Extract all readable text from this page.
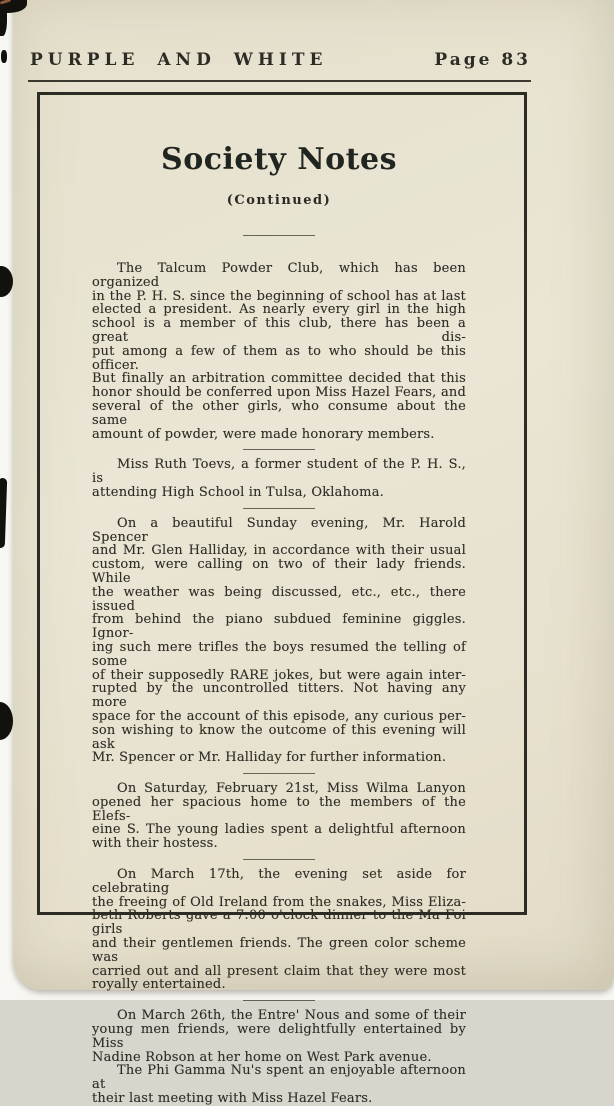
PURPLE AND WHITE	Page 83
Society Notes
(Continued)
The Talcum Powder Club, which has been organized
in the P. H. S. since the beginning of school has at last
elected a president. As nearly every girl in the high
school is a member of this club, there has been a great dis-
put among a few of them as to who should be this officer.
But finally an arbitration committee decided that this
honor should be conferred upon Miss Hazel Fears, and
several of the other girls, who consume about the same
amount of powder, were made honorary members.
Miss Ruth Toevs, a former student of the P. H. S., is
attending High School in Tulsa, Oklahoma.
On a beautiful Sunday evening, Mr. Harold Spencer
and Mr. Glen Halliday, in accordance with their usual
custom, were calling on two of their lady friends. While
the weather was being discussed, etc., etc., there issued
from behind the piano subdued feminine giggles. Ignor-
ing such mere trifles the boys resumed the telling of some
of their supposedly RARE jokes, but were again inter-
rupted by the uncontrolled titters. Not having any more
space for the account of this episode, any curious per-
son wishing to know the outcome of this evening will ask
Mr. Spencer or Mr. Halliday for further information.
On Saturday, February 21st, Miss Wilma Lanyon
opened her spacious home to the members of the Elefs-
eine S. The young ladies spent a delightful afternoon
with their hostess.
On March 17th, the evening set aside for celebrating
the freeing of Old Ireland from the snakes, Miss Eliza-
beth Roberts gave a 7:00 o'clock dinner to the Ma Foi girls
and their gentlemen friends. The green color scheme was
carried out and all present claim that they were most
royally entertained.
On March 26th, the Entre' Nous and some of their
young men friends, were delightfully entertained by Miss
Nadine Robson at her home on West Park avenue.
The Phi Gamma Nu's spent an enjoyable afternoon at
their last meeting with Miss Hazel Fears.
